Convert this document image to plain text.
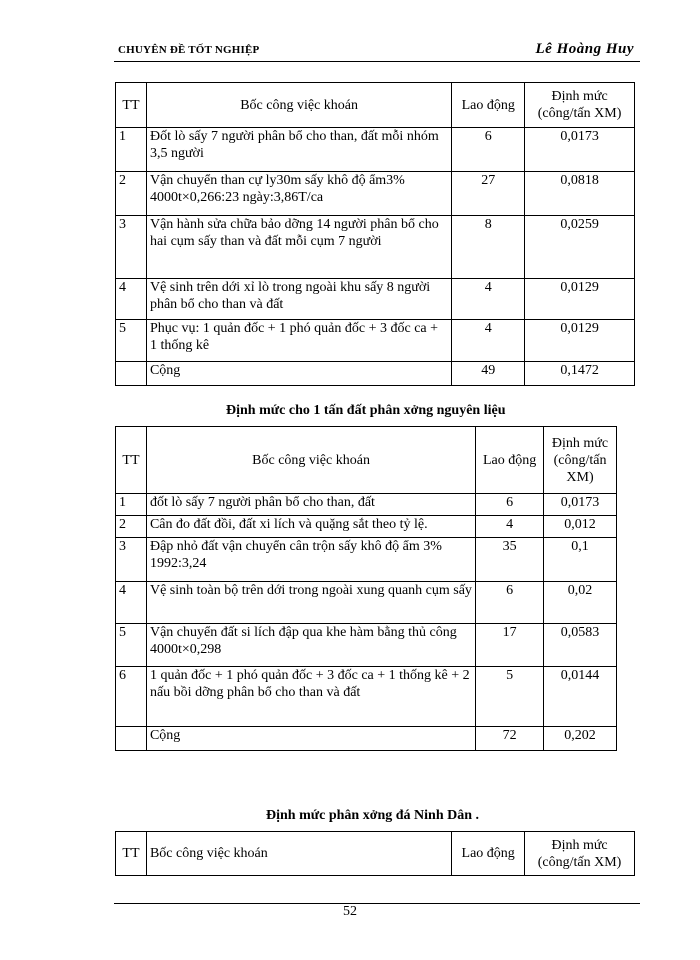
CHUYÊN ĐỀ TỐT NGHIỆP	Lê Hoàng Huy
TT	Bốc công việc khoán	Lao động	Định mức (công/tấn XM)
1	Đốt lò sấy 7 người phân bổ cho than, đất mỗi nhóm 3,5 người	6	0,0173
2	Vận chuyển than cự ly30m sấy khô độ ẩm3% 4000t×0,266:23 ngày:3,86T/ca	27	0,0818
3	Vận hành sửa chữa bảo dỡng 14 người phân bổ cho hai cụm sấy than và đất mỗi cụm 7 người	8	0,0259
4	Vệ sinh trên dới xỉ lò trong ngoài khu sấy 8 người phân bổ cho than và đất	4	0,0129
5	Phục vụ: 1 quản đốc + 1 phó quản đốc + 3 đốc ca + 1 thống kê	4	0,0129
	Cộng	49	0,1472
Định mức cho 1 tấn đất phân xởng nguyên liệu
TT	Bốc công việc khoán	Lao động	Định mức (công/tấn XM)
1	đốt lò sấy 7 người phân bổ cho than, đất	6	0,0173
2	Cân đo đất đồi, đất xi lích và quặng sắt theo tỷ lệ.	4	0,012
3	Đập nhỏ đất vận chuyển cân trộn sấy khô độ ẩm 3% 1992:3,24	35	0,1
4	Vệ sinh toàn bộ trên dới trong ngoài xung quanh cụm sấy	6	0,02
5	Vận chuyển đất si lích đập qua khe hàm bằng thủ công 4000t×0,298	17	0,0583
6	1 quản đốc + 1 phó quản đốc + 3 đốc ca + 1 thống kê + 2 nấu bồi dỡng phân bổ cho than và đất	5	0,0144
	Cộng	72	0,202
Định mức phân xởng đá Ninh Dân .
TT	Bốc công việc khoán	Lao động	Định mức (công/tấn XM)
52
